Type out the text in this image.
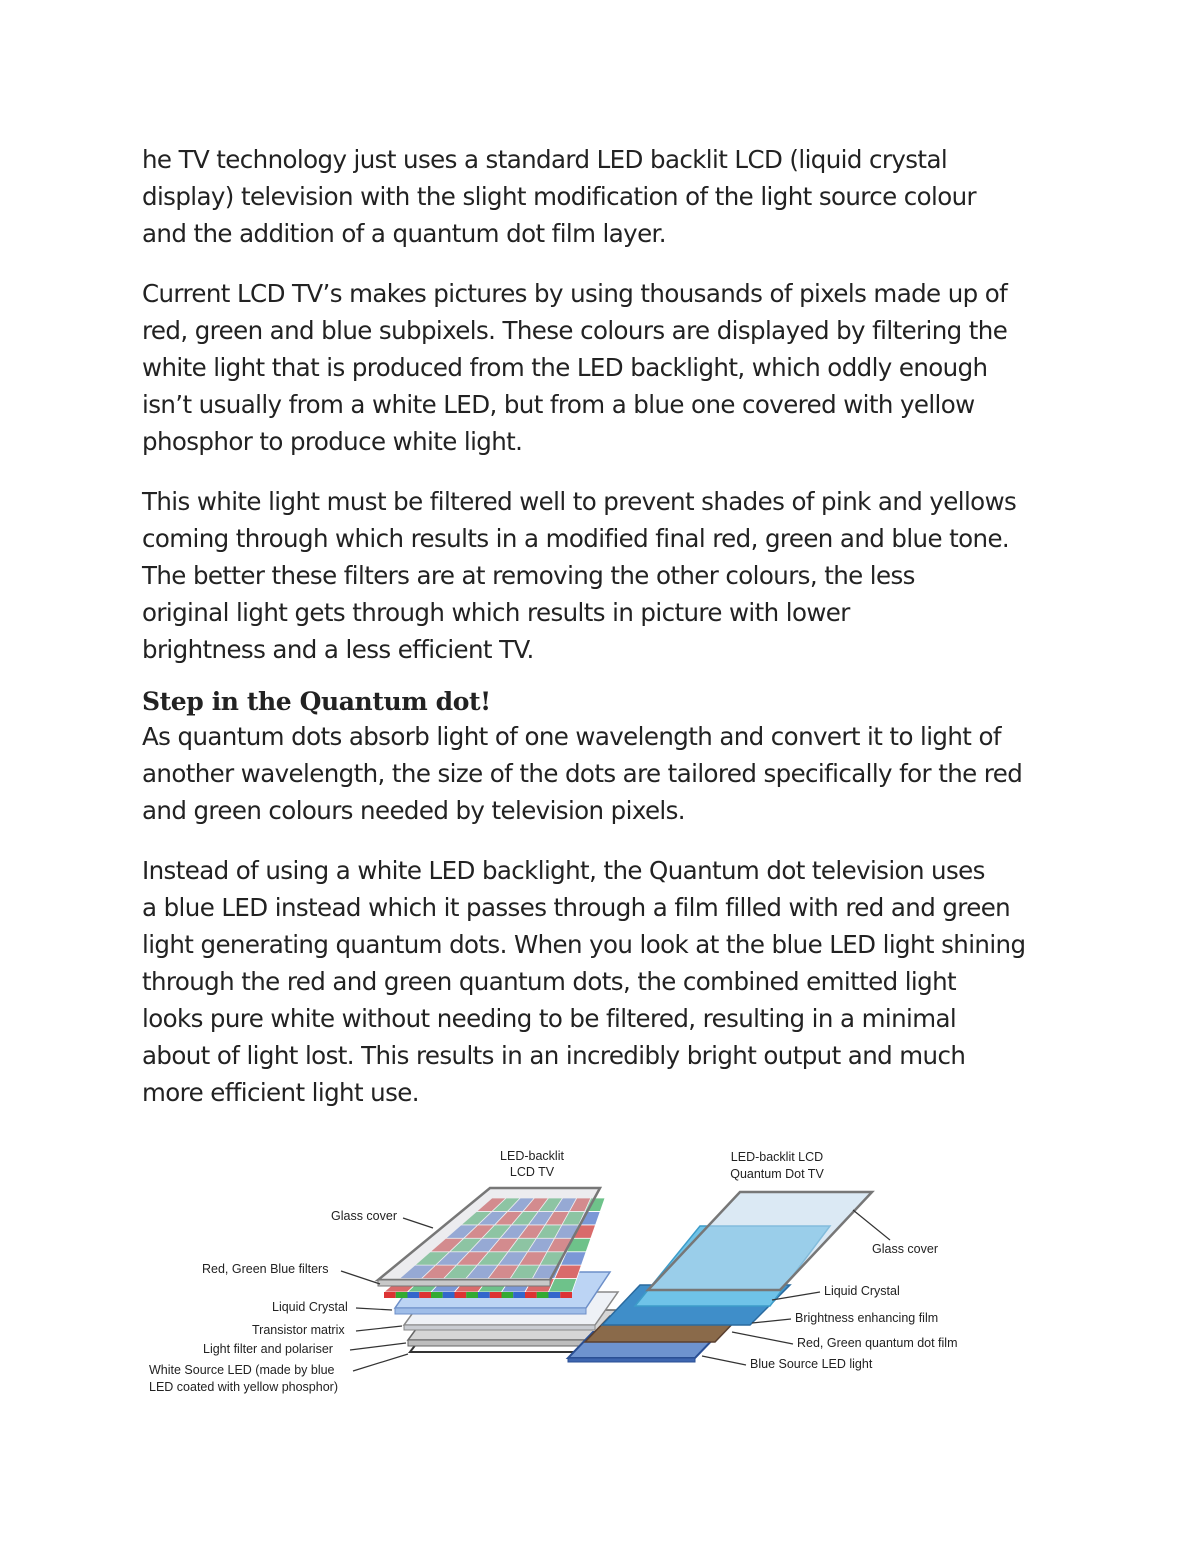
he TV technology just uses a standard LED backlit LCD (liquid crystal
display) television with the slight modification of the light source colour
and the addition of a quantum dot film layer.

Current LCD TV’s makes pictures by using thousands of pixels made up of
red, green and blue subpixels. These colours are displayed by filtering the
white light that is produced from the LED backlight, which oddly enough
isn’t usually from a white LED, but from a blue one covered with yellow
phosphor to produce white light.

This white light must be filtered well to prevent shades of pink and yellows
coming through which results in a modified final red, green and blue tone.
The better these filters are at removing the other colours, the less
original light gets through which results in picture with lower
brightness and a less efficient TV.

Step in the Quantum dot!

As quantum dots absorb light of one wavelength and convert it to light of
another wavelength, the size of the dots are tailored specifically for the red
and green colours needed by television pixels.

Instead of using a white LED backlight, the Quantum dot television uses
a blue LED instead which it passes through a film filled with red and green
light generating quantum dots. When you look at the blue LED light shining
through the red and green quantum dots, the combined emitted light
looks pure white without needing to be filtered, resulting in a minimal
about of light lost. This results in an incredibly bright output and much
more efficient light use.

LED-backlit
LCD TV
Glass cover
Red, Green Blue filters
Liquid Crystal
Transistor matrix
Light filter and polariser
White Source LED (made by blue
LED coated with yellow phosphor)
LED-backlit LCD
Quantum Dot TV
Glass cover
Liquid Crystal
Brightness enhancing film
Red, Green quantum dot film
Blue Source LED light
